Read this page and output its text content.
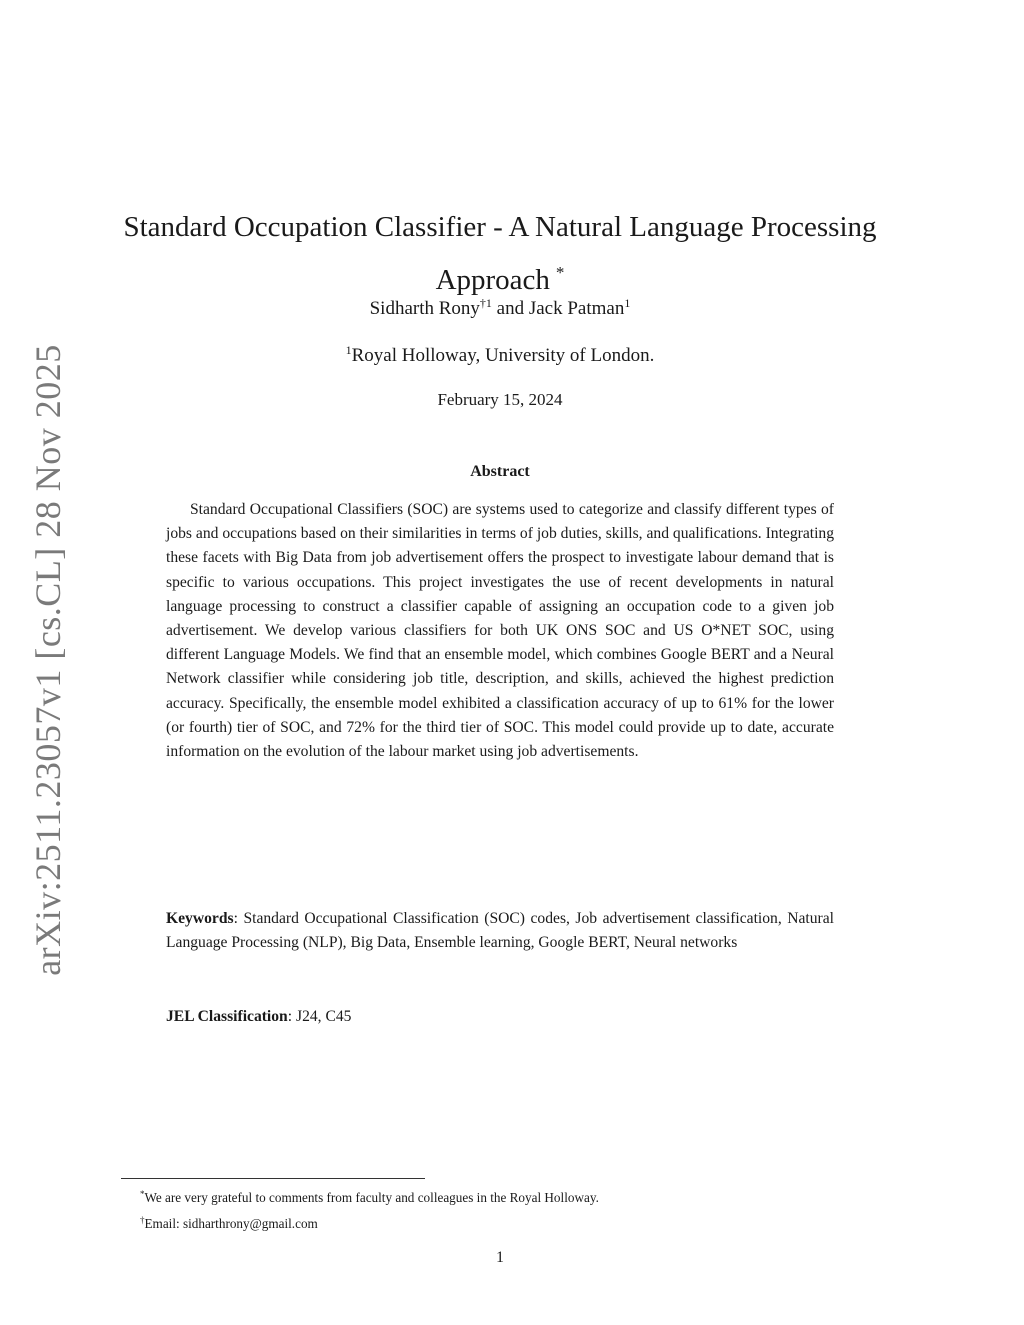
arXiv:2511.23057v1 [cs.CL] 28 Nov 2025
Standard Occupation Classifier - A Natural Language Processing
Approach *
Sidharth Rony$^{\dagger 1}$ and Jack Patman$^1$
$^1$Royal Holloway, University of London.
February 15, 2024
Abstract

Standard Occupational Classifiers (SOC) are systems used to categorize and classify different types of jobs and occupations based on their similarities in terms of job duties, skills, and qualifications. Integrating these facets with Big Data from job advertisement offers the prospect to investigate labour demand that is specific to various occupations. This project investigates the use of recent developments in natural language processing to construct a classifier capable of assigning an occupation code to a given job advertisement. We develop various classifiers for both UK ONS SOC and US O*NET SOC, using different Language Models. We find that an ensemble model, which combines Google BERT and a Neural Network classifier while considering job title, description, and skills, achieved the highest prediction accuracy. Specifically, the ensemble model exhibited a classification accuracy of up to 61% for the lower (or fourth) tier of SOC, and 72% for the third tier of SOC. This model could provide up to date, accurate information on the evolution of the labour market using job advertisements.

Keywords: Standard Occupational Classification (SOC) codes, Job advertisement classification, Natural Language Processing (NLP), Big Data, Ensemble learning, Google BERT, Neural networks

JEL Classification: J24, C45

*We are very grateful to comments from faculty and colleagues in the Royal Holloway.
†Email: sidharthrony@gmail.com
1
